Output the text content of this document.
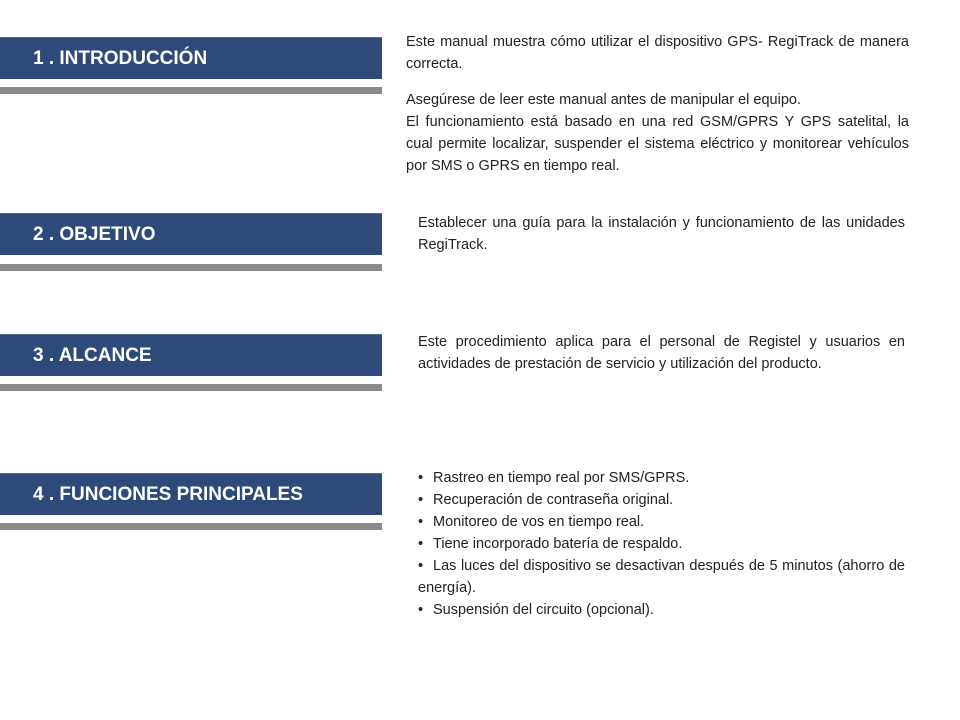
1 . INTRODUCCIÓN

Este manual muestra cómo utilizar el dispositivo GPS- RegiTrack de manera correcta.

Asegúrese de leer este manual antes de manipular el equipo.

El funcionamiento está basado en una red GSM/GPRS Y GPS satelital, la cual permite localizar, suspender el sistema eléctrico y monitorear vehículos por SMS o GPRS en tiempo real.

2 . OBJETIVO

Establecer una guía para la instalación y funcionamiento de las unidades RegiTrack.

3 . ALCANCE

Este procedimiento aplica para el personal de Registel y usuarios en actividades de prestación de servicio y utilización del producto.

4 . FUNCIONES PRINCIPALES
• Rastreo en tiempo real por SMS/GPRS.
• Recuperación de contraseña original.
• Monitoreo de vos en tiempo real.
• Tiene incorporado batería de respaldo.
• Las luces del dispositivo se desactivan después de 5 minutos (ahorro de energía).
• Suspensión del circuito (opcional).
